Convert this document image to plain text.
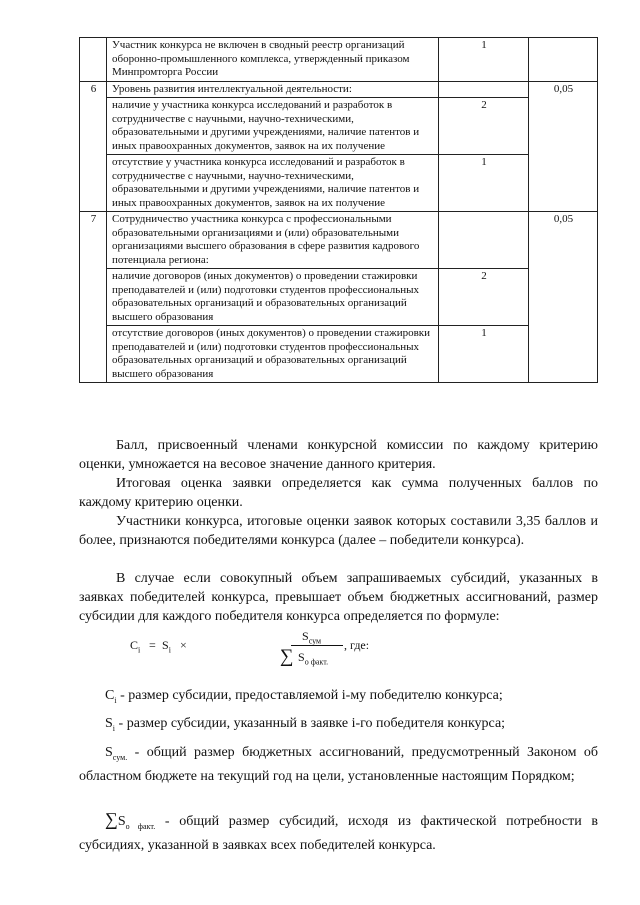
	Участник конкурса не включен в сводный реестр организаций оборонно-промышленного комплекса, утвержденный приказом Минпромторга России	1	
6	Уровень развития интеллектуальной деятельности:		0,05
	наличие у участника конкурса исследований и разработок в сотрудничестве с научными, научно-техническими, образовательными и другими учреждениями, наличие патентов и иных правоохранных документов, заявок на их получение	2	
	отсутствие у участника конкурса исследований и разработок в сотрудничестве с научными, научно-техническими, образовательными и другими учреждениями, наличие патентов и иных правоохранных документов, заявок на их получение	1	
7	Сотрудничество участника конкурса с профессиональными образовательными организациями и (или) образовательными организациями высшего образования в сфере развития кадрового потенциала региона:		0,05
	наличие договоров (иных документов) о проведении стажировки преподавателей и (или) подготовки студентов профессиональных образовательных организаций и образовательных организаций высшего образования	2	
	отсутствие договоров (иных документов) о проведении стажировки преподавателей и (или) подготовки студентов профессиональных образовательных организаций и образовательных организаций высшего образования	1	

Балл, присвоенный членами конкурсной комиссии по каждому критерию оценки, умножается на весовое значение данного критерия.

Итоговая оценка заявки определяется как сумма полученных баллов по каждому критерию оценки.

Участники конкурса, итоговые оценки заявок которых составили 3,35 баллов и более, признаются победителями конкурса (далее – победители конкурса).

В случае если совокупный объем запрашиваемых субсидий, указанных в заявках победителей конкурса, превышает объем бюджетных ассигнований, размер субсидии для каждого победителя конкурса определяется по формуле:

$C_i = S_i$ ×
$S_{сум}$
∑ $S_{о факт.}$
, где:

$C_i$ - размер субсидии, предоставляемой i-му победителю конкурса;

$S_i$ - размер субсидии, указанный в заявке i-го победителя конкурса;

$S_{сум.}$ - общий размер бюджетных ассигнований, предусмотренный Законом об областном бюджете на текущий год на цели, установленные настоящим Порядком;

$\sum S_{о факт.}$ - общий размер субсидий, исходя из фактической потребности в субсидиях, указанной в заявках всех победителей конкурса.
